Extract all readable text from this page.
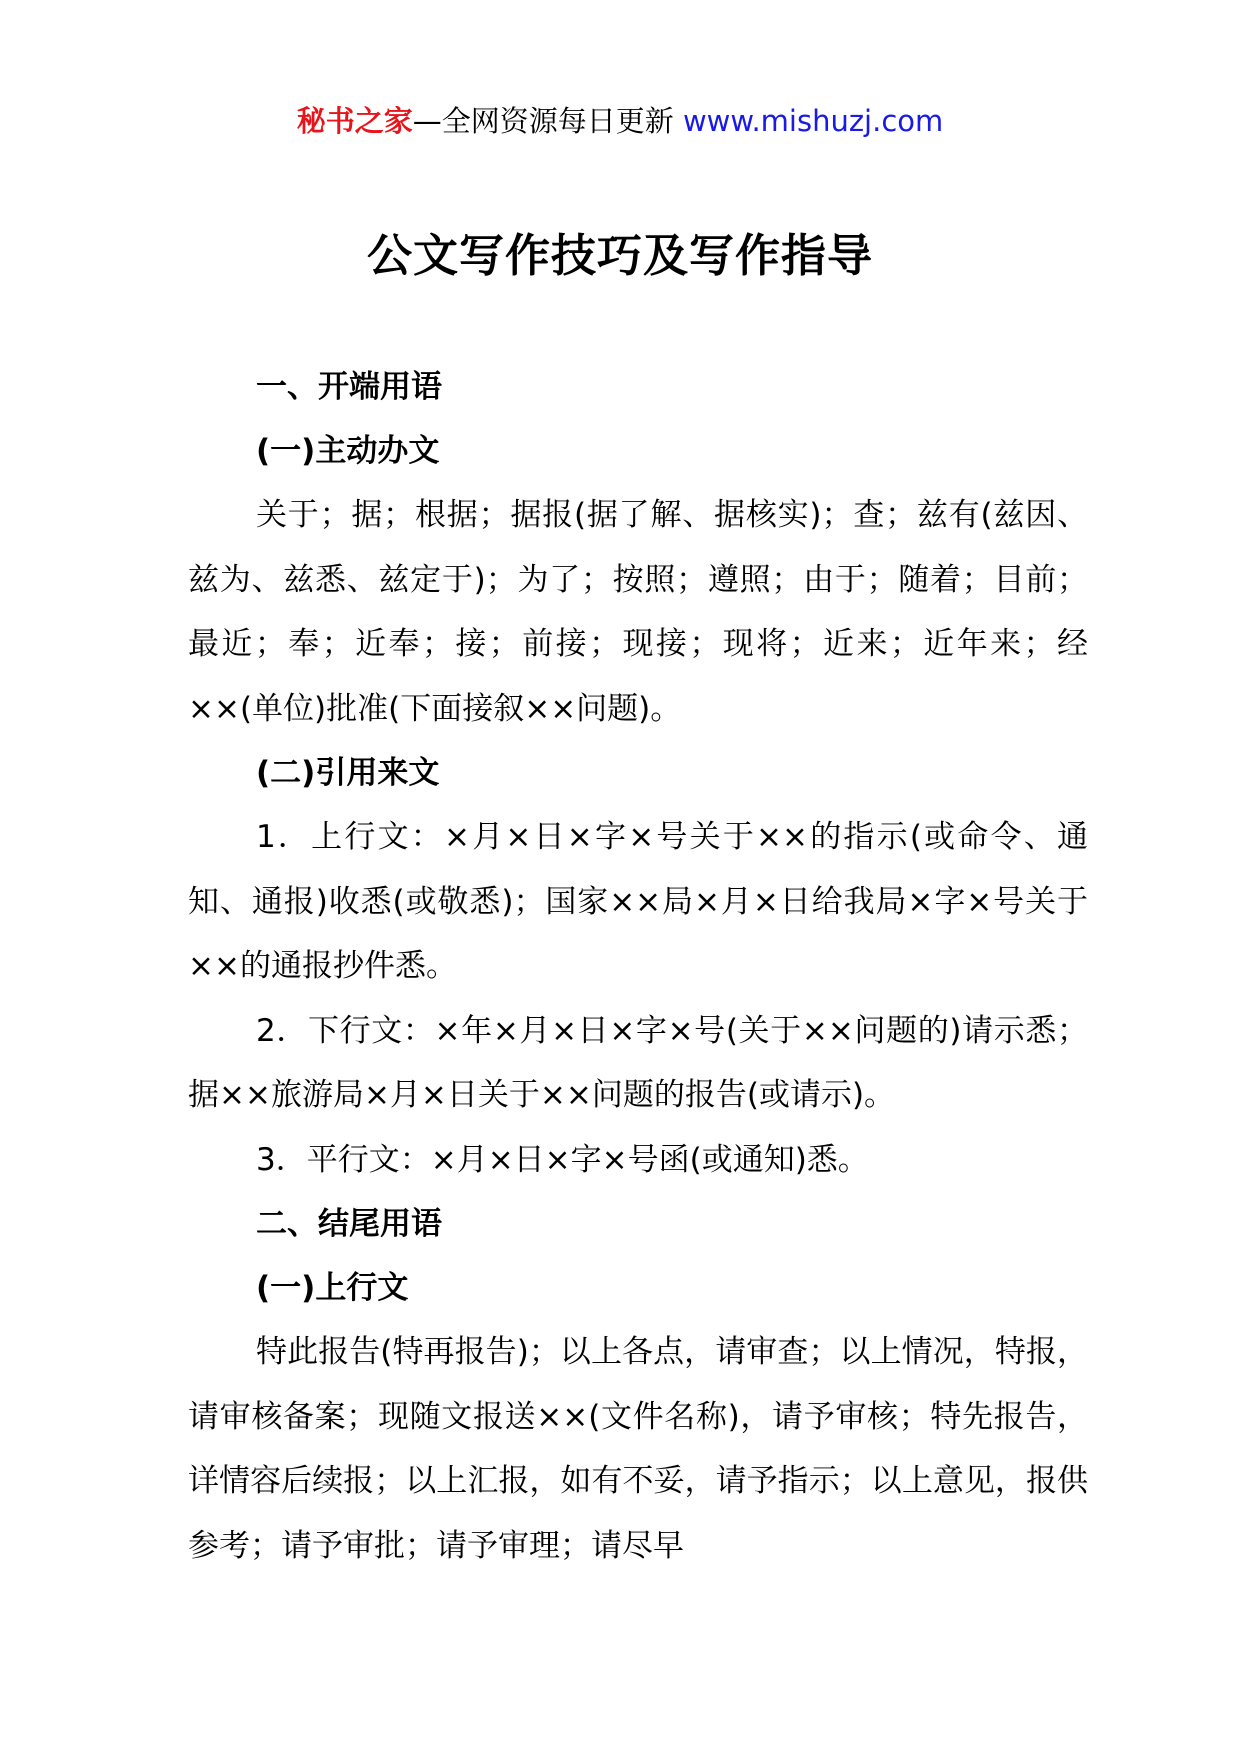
秘书之家—全网资源每日更新 www.mishuzj.com
公文写作技巧及写作指导

一、开端用语

(一)主动办文

关于；据；根据；据报(据了解、据核实)；查；兹有(兹因、兹为、兹悉、兹定于)；为了；按照；遵照；由于；随着；目前；最近；奉；近奉；接；前接；现接；现将；近来；近年来；经××(单位)批准(下面接叙××问题)。

(二)引用来文

1．上行文：×月×日×字×号关于××的指示(或命令、通知、通报)收悉(或敬悉)；国家××局×月×日给我局×字×号关于××的通报抄件悉。

2．下行文：×年×月×日×字×号(关于××问题的)请示悉；据××旅游局×月×日关于××问题的报告(或请示)。

3．平行文：×月×日×字×号函(或通知)悉。

二、结尾用语

(一)上行文

特此报告(特再报告)；以上各点，请审查；以上情况，特报，请审核备案；现随文报送××(文件名称)，请予审核；特先报告，详情容后续报；以上汇报，如有不妥，请予指示；以上意见，报供参考；请予审批；请予审理；请尽早
